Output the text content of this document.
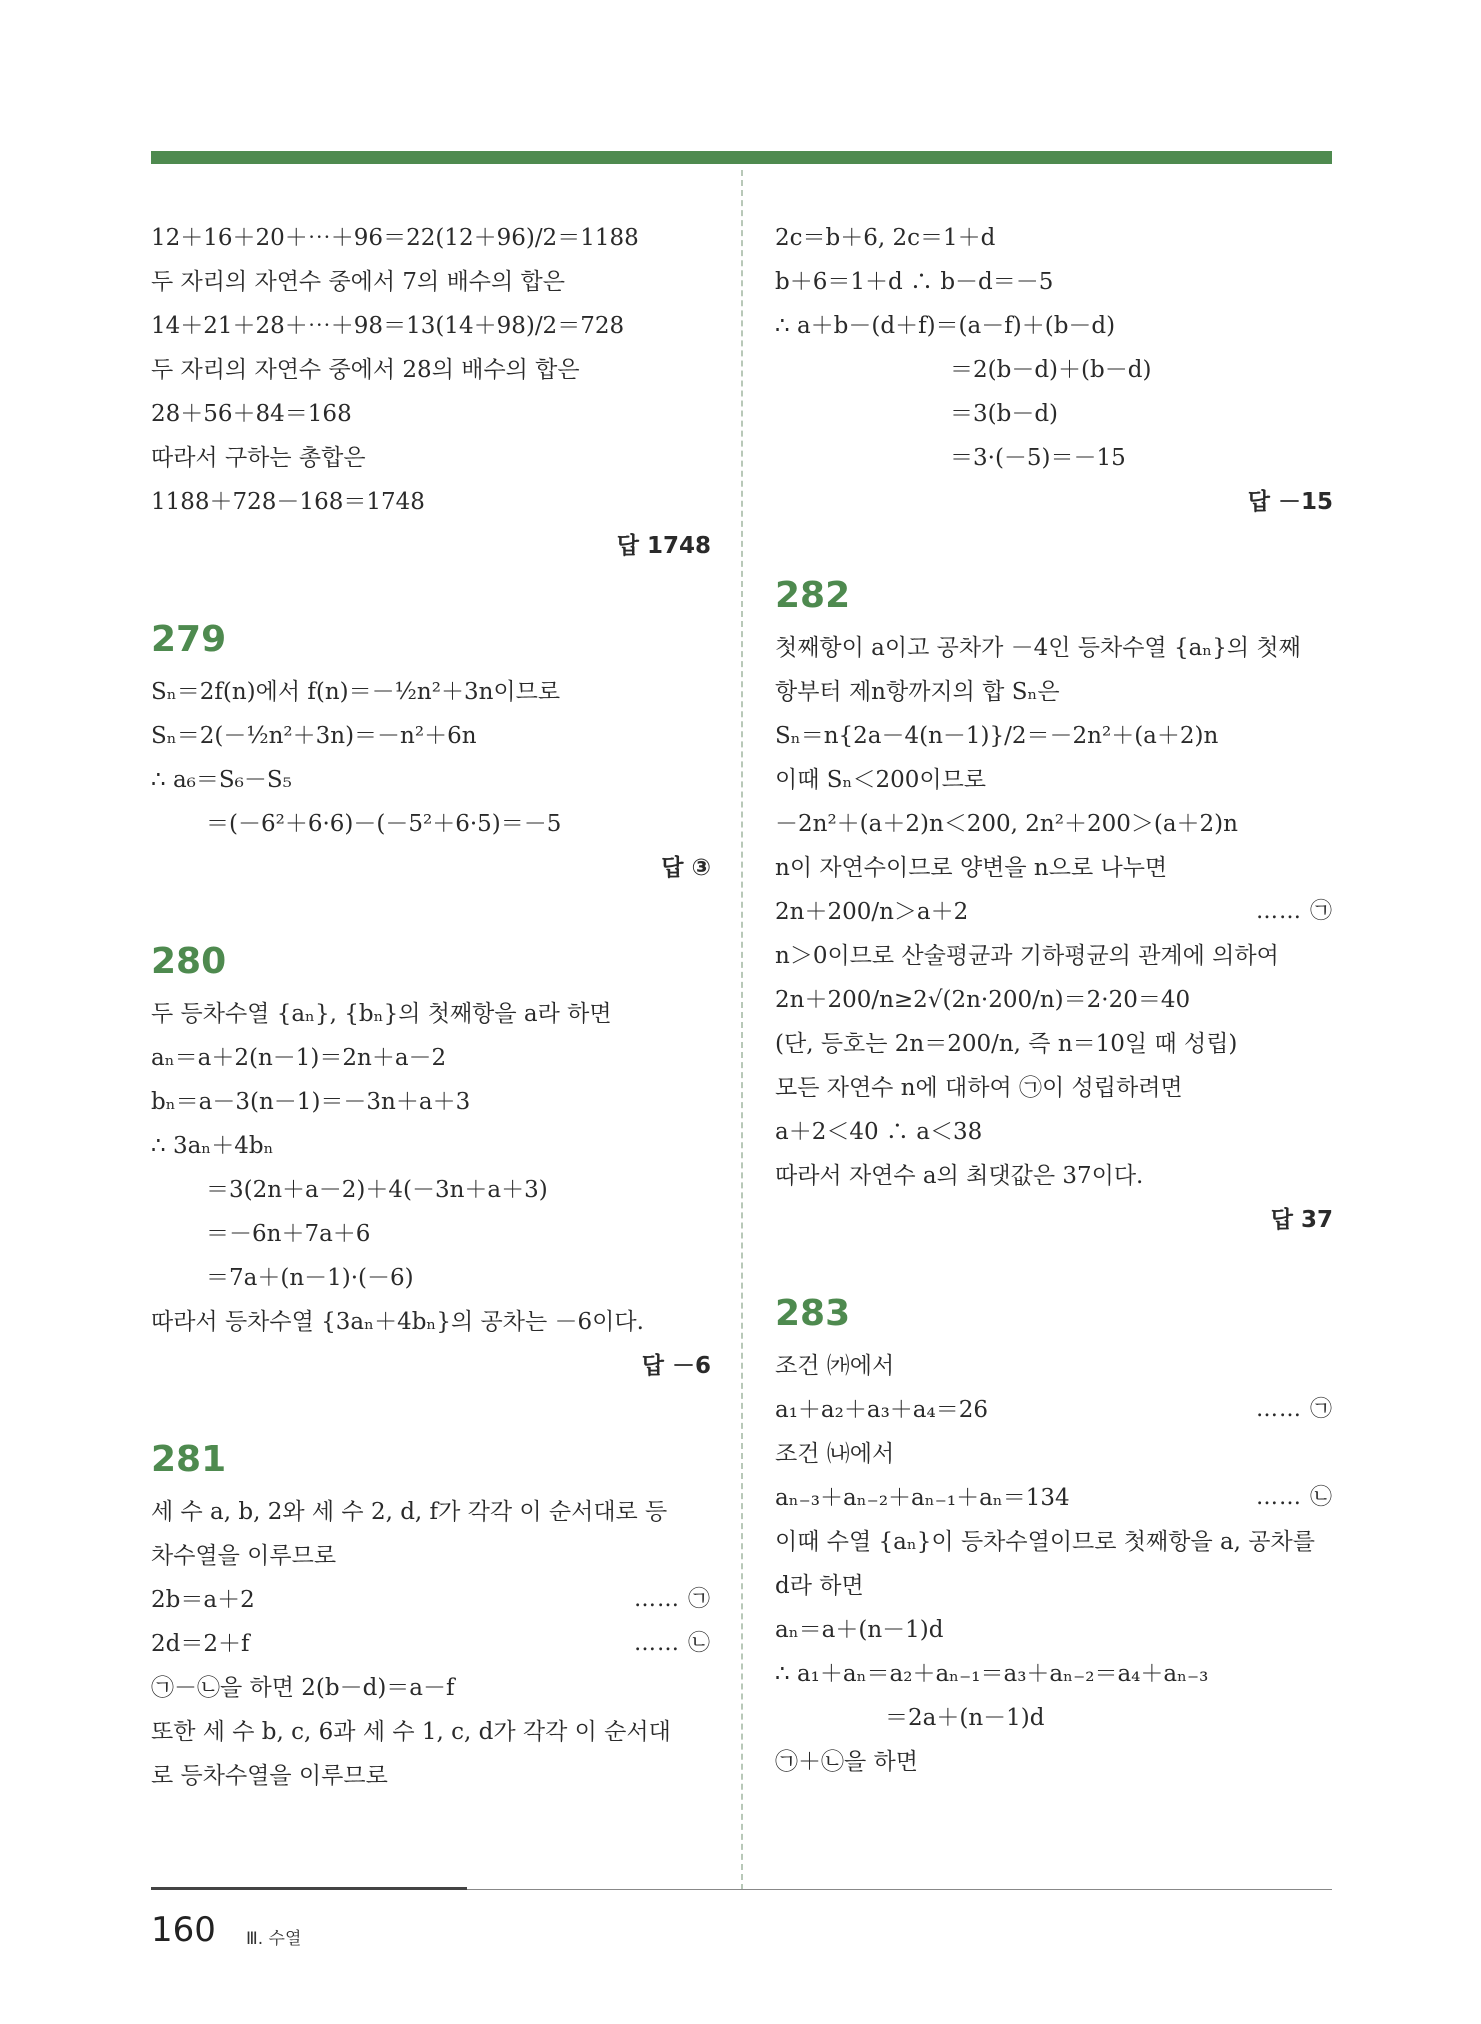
12＋16＋20＋⋯＋96＝22(12＋96)/2＝1188
두 자리의 자연수 중에서 7의 배수의 합은
14＋21＋28＋⋯＋98＝13(14＋98)/2＝728
두 자리의 자연수 중에서 28의 배수의 합은
28＋56＋84＝168
따라서 구하는 총합은
1188＋728－168＝1748
답 1748
279
Sₙ＝2f(n)에서 f(n)＝－½n²＋3n이므로
Sₙ＝2(－½n²＋3n)＝－n²＋6n
∴ a₆＝S₆－S₅
＝(－6²＋6·6)－(－5²＋6·5)＝－5
답 ③
280
두 등차수열 {aₙ}, {bₙ}의 첫째항을 a라 하면
aₙ＝a＋2(n－1)＝2n＋a－2
bₙ＝a－3(n－1)＝－3n＋a＋3
∴ 3aₙ＋4bₙ
＝3(2n＋a－2)＋4(－3n＋a＋3)
＝－6n＋7a＋6
＝7a＋(n－1)·(－6)
따라서 등차수열 {3aₙ＋4bₙ}의 공차는 －6이다.
답 －6
281
세 수 a, b, 2와 세 수 2, d, f가 각각 이 순서대로 등
차수열을 이루므로
2b＝a＋2	…… ㉠
2d＝2＋f	…… ㉡
㉠－㉡을 하면 2(b－d)＝a－f
또한 세 수 b, c, 6과 세 수 1, c, d가 각각 이 순서대
로 등차수열을 이루므로
2c＝b＋6, 2c＝1＋d
b＋6＝1＋d ∴ b－d＝－5
∴ a＋b－(d＋f)＝(a－f)＋(b－d)
＝2(b－d)＋(b－d)
＝3(b－d)
＝3·(－5)＝－15
답 －15
282
첫째항이 a이고 공차가 －4인 등차수열 {aₙ}의 첫째
항부터 제n항까지의 합 Sₙ은
Sₙ＝n{2a－4(n－1)}/2＝－2n²＋(a＋2)n
이때 Sₙ＜200이므로
－2n²＋(a＋2)n＜200, 2n²＋200＞(a＋2)n
n이 자연수이므로 양변을 n으로 나누면
2n＋200/n＞a＋2	…… ㉠
n＞0이므로 산술평균과 기하평균의 관계에 의하여
2n＋200/n≥2√(2n·200/n)＝2·20＝40
(단, 등호는 2n＝200/n, 즉 n＝10일 때 성립)
모든 자연수 n에 대하여 ㉠이 성립하려면
a＋2＜40 ∴ a＜38
따라서 자연수 a의 최댓값은 37이다.
답 37
283
조건 ㈎에서
a₁＋a₂＋a₃＋a₄＝26	…… ㉠
조건 ㈏에서
aₙ₋₃＋aₙ₋₂＋aₙ₋₁＋aₙ＝134	…… ㉡
이때 수열 {aₙ}이 등차수열이므로 첫째항을 a, 공차를
d라 하면
aₙ＝a＋(n－1)d
∴ a₁＋aₙ＝a₂＋aₙ₋₁＝a₃＋aₙ₋₂＝a₄＋aₙ₋₃
＝2a＋(n－1)d
㉠＋㉡을 하면
160 Ⅲ. 수열
